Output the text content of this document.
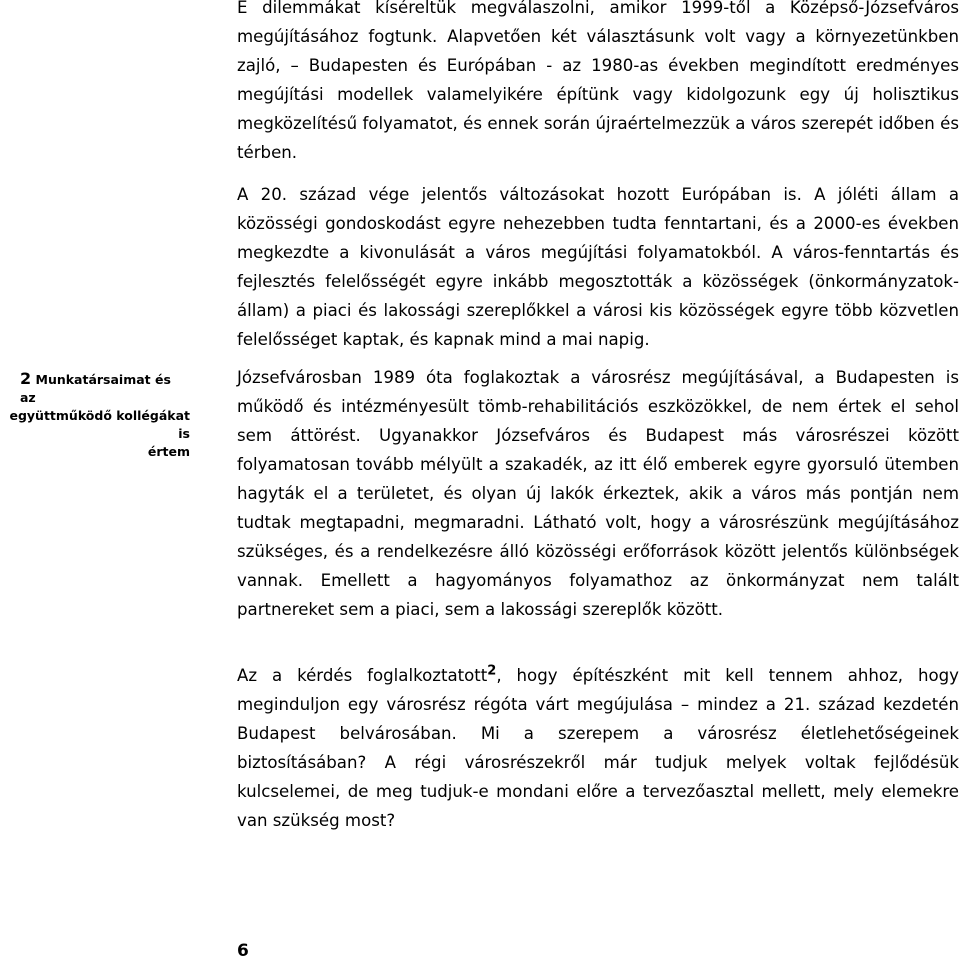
E dilemmákat kíséreltük megválaszolni, amikor 1999-től a Középső-Józsefváros megújításához fogtunk. Alapvetően két választásunk volt vagy a környezetünkben zajló, – Budapesten és Európában - az 1980-as években megindított eredményes megújítási modellek valamelyikére építünk vagy kidolgozunk egy új holisztikus megközelítésű folyamatot, és ennek során újraértelmezzük a város szerepét időben és térben.

A 20. század vége jelentős változásokat hozott Európában is. A jóléti állam a közösségi gondoskodást egyre nehezebben tudta fenntartani, és a 2000-es években megkezdte a kivonulását a város megújítási folyamatokból. A város-fenntartás és fejlesztés felelősségét egyre inkább megosztották a közösségek (önkormányzatok-állam) a piaci és lakossági szereplőkkel a városi kis közösségek egyre több közvetlen felelősséget kaptak, és kapnak mind a mai napig.

Józsefvárosban 1989 óta foglakoztak a városrész megújításával, a Budapesten is működő és intézményesült tömb-rehabilitációs eszközökkel, de nem értek el sehol sem áttörést. Ugyanakkor Józsefváros és Budapest más városrészei között folyamatosan tovább mélyült a szakadék, az itt élő emberek egyre gyorsuló ütemben hagyták el a területet, és olyan új lakók érkeztek, akik a város más pontján nem tudtak megtapadni, megmaradni. Látható volt, hogy a városrészünk megújításához szükséges, és a rendelkezésre álló közösségi erőforrások között jelentős különbségek vannak. Emellett a hagyományos folyamathoz az önkormányzat nem talált partnereket sem a piaci, sem a lakossági szereplők között.

Az a kérdés foglalkoztatott$^2$, hogy építészként mit kell tennem ahhoz, hogy meginduljon egy városrész régóta várt megújulása – mindez a 21. század kezdetén Budapest belvárosában. Mi a szerepem a városrész életlehetőségeinek biztosításában? A régi városrészekről már tudjuk melyek voltak fejlődésük kulcselemei, de meg tudjuk-e mondani előre a tervezőasztal mellett, mely elemekre van szükség most?

2 Munkatársaimat és az
együttműködő kollégákat is
értem
6
